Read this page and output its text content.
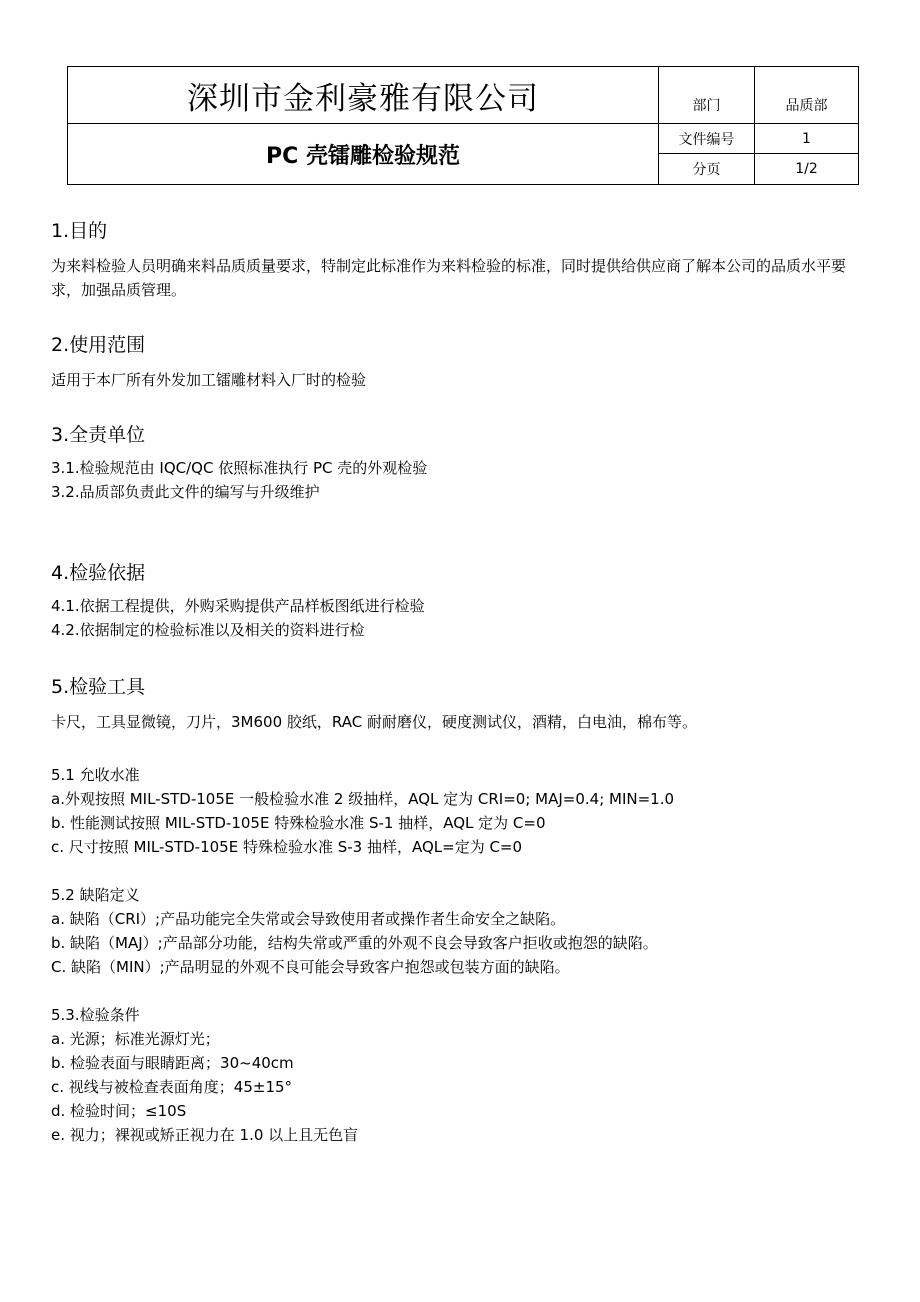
深圳市金利豪雅有限公司	部门	品质部
PC 壳镭雕检验规范	文件编号	1
	分页	1/2

1.目的

为来料检验人员明确来料品质质量要求，特制定此标准作为来料检验的标准，同时提供给供应商了解本公司的品质水平要求，加强品质管理。

2.使用范围

适用于本厂所有外发加工镭雕材料入厂时的检验

3.全责单位

3.1.检验规范由 IQC/QC 依照标准执行 PC 壳的外观检验

3.2.品质部负责此文件的编写与升级维护

4.检验依据

4.1.依据工程提供，外购采购提供产品样板图纸进行检验

4.2.依据制定的检验标准以及相关的资料进行检

5.检验工具

卡尺，工具显微镜，刀片，3M600 胶纸，RAC 耐耐磨仪，硬度测试仪，酒精，白电油，棉布等。

5.1 允收水准

a.外观按照 MIL-STD-105E 一般检验水准 2 级抽样，AQL 定为 CRI=0; MAJ=0.4; MIN=1.0

b. 性能测试按照 MIL-STD-105E 特殊检验水准 S-1 抽样，AQL 定为 C=0

c. 尺寸按照 MIL-STD-105E 特殊检验水准 S-3 抽样，AQL=定为 C=0

5.2 缺陷定义

a. 缺陷（CRI）;产品功能完全失常或会导致使用者或操作者生命安全之缺陷。

b. 缺陷（MAJ）;产品部分功能，结构失常或严重的外观不良会导致客户拒收或抱怨的缺陷。

C. 缺陷（MIN）;产品明显的外观不良可能会导致客户抱怨或包装方面的缺陷。

5.3.检验条件

a. 光源；标准光源灯光；

b. 检验表面与眼睛距离；30~40cm

c. 视线与被检查表面角度；45±15°

d. 检验时间；≤10S

e. 视力；裸视或矫正视力在 1.0 以上且无色盲
